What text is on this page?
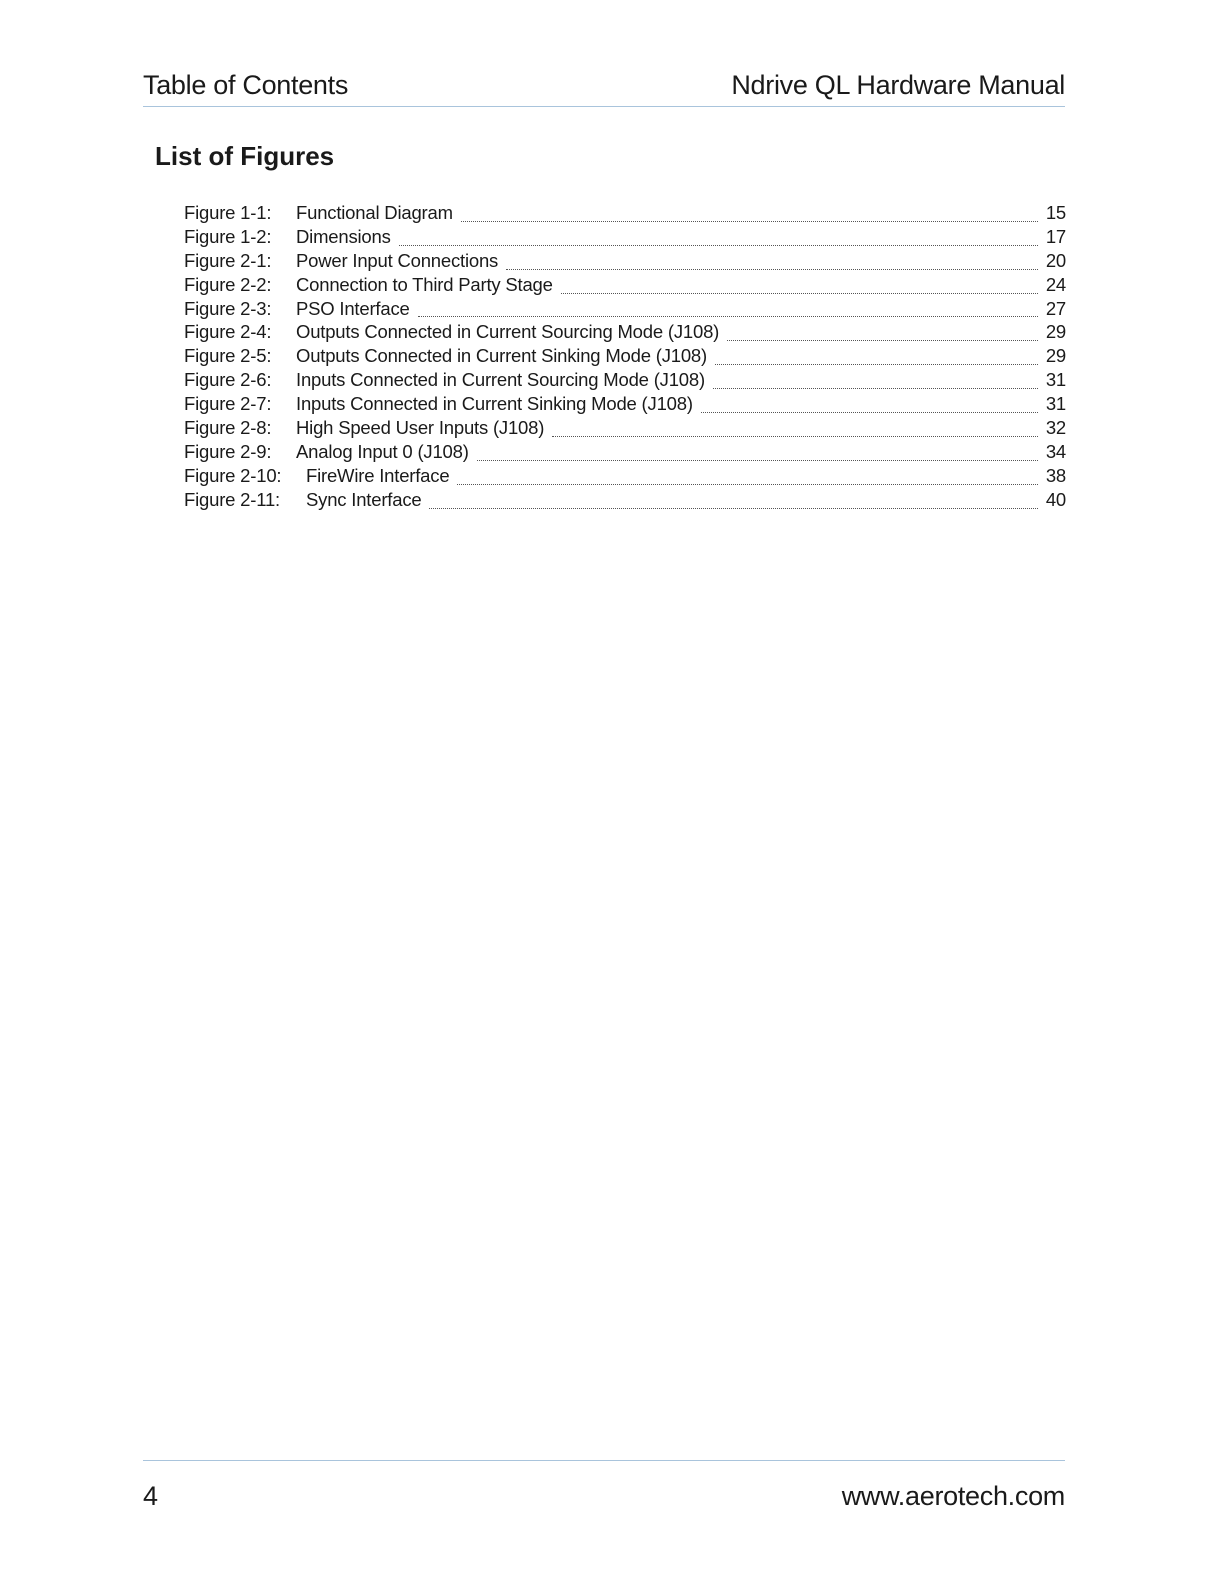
Table of Contents	Ndrive QL Hardware Manual
List of Figures
Figure 1-1:	Functional Diagram	15
Figure 1-2:	Dimensions	17
Figure 2-1:	Power Input Connections	20
Figure 2-2:	Connection to Third Party Stage	24
Figure 2-3:	PSO Interface	27
Figure 2-4:	Outputs Connected in Current Sourcing Mode (J108)	29
Figure 2-5:	Outputs Connected in Current Sinking Mode (J108)	29
Figure 2-6:	Inputs Connected in Current Sourcing Mode (J108)	31
Figure 2-7:	Inputs Connected in Current Sinking Mode (J108)	31
Figure 2-8:	High Speed User Inputs (J108)	32
Figure 2-9:	Analog Input 0 (J108)	34
Figure 2-10:	FireWire Interface	38
Figure 2-11:	Sync Interface	40
4	www.aerotech.com
